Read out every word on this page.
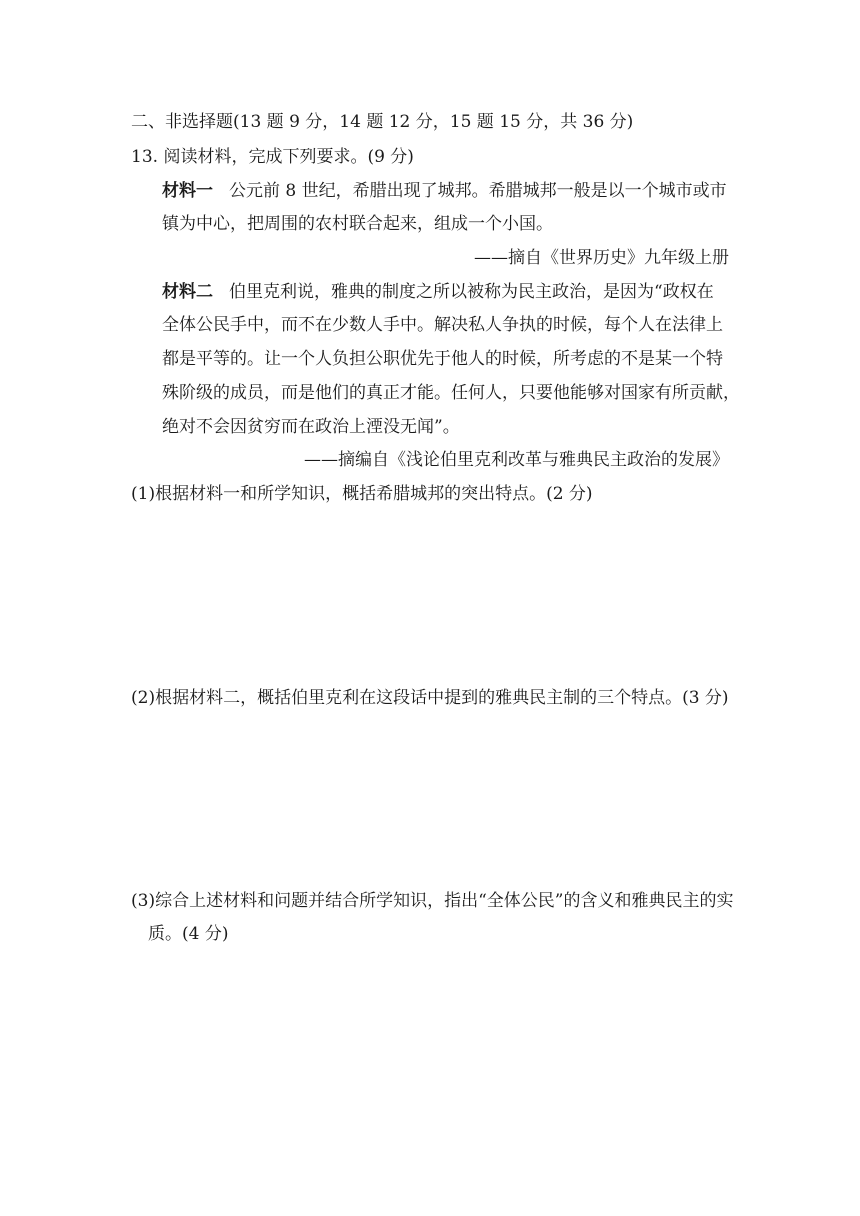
二、非选择题(13 题 9 分，14 题 12 分，15 题 15 分，共 36 分)
13. 阅读材料，完成下列要求。(9 分)
材料一 公元前 8 世纪，希腊出现了城邦。希腊城邦一般是以一个城市或市
镇为中心，把周围的农村联合起来，组成一个小国。
——摘自《世界历史》九年级上册
材料二 伯里克利说，雅典的制度之所以被称为民主政治，是因为“政权在
全体公民手中，而不在少数人手中。解决私人争执的时候，每个人在法律上
都是平等的。让一个人负担公职优先于他人的时候，所考虑的不是某一个特
殊阶级的成员，而是他们的真正才能。任何人，只要他能够对国家有所贡献，
绝对不会因贫穷而在政治上湮没无闻”。
——摘编自《浅论伯里克利改革与雅典民主政治的发展》
(1)根据材料一和所学知识，概括希腊城邦的突出特点。(2 分)
(2)根据材料二，概括伯里克利在这段话中提到的雅典民主制的三个特点。(3 分)
(3)综合上述材料和问题并结合所学知识，指出“全体公民”的含义和雅典民主的实
质。(4 分)
